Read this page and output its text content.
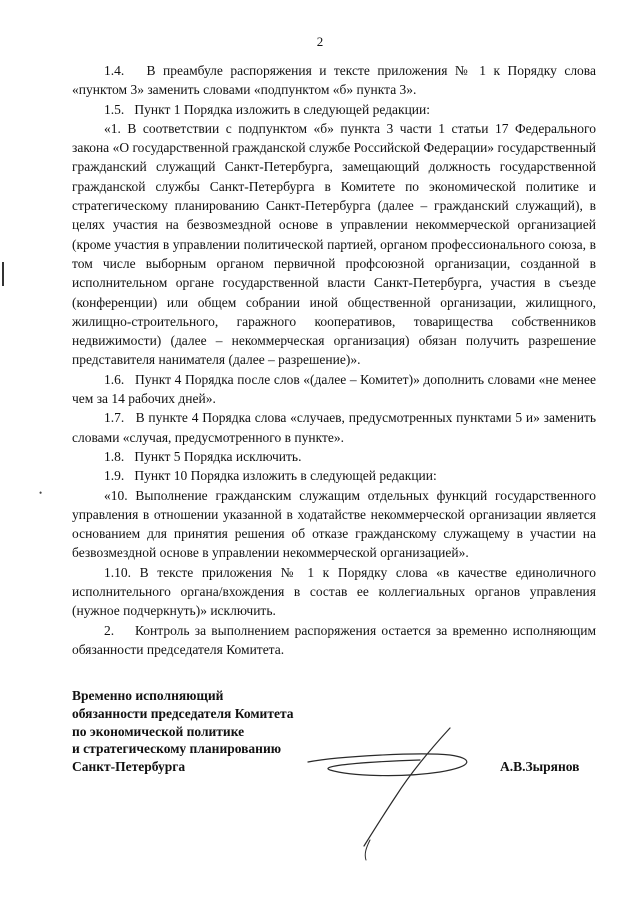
2

1.4.   В преамбуле распоряжения и тексте приложения № 1 к Порядку слова «пунктом 3» заменить словами «подпунктом «б» пункта 3».

1.5.   Пункт 1 Порядка изложить в следующей редакции:

«1. В соответствии с подпунктом «б» пункта 3 части 1 статьи 17 Федерального закона «О государственной гражданской службе Российской Федерации» государственный гражданский служащий Санкт-Петербурга, замещающий должность государственной гражданской службы Санкт-Петербурга в Комитете по экономической политике и стратегическому планированию Санкт-Петербурга (далее – гражданский служащий), в целях участия на безвозмездной основе в управлении некоммерческой организацией (кроме участия в управлении политической партией, органом профессионального союза, в том числе выборным органом первичной профсоюзной организации, созданной в исполнительном органе государственной власти Санкт-Петербурга, участия в съезде (конференции) или общем собрании иной общественной организации, жилищного, жилищно-строительного, гаражного кооперативов, товарищества собственников недвижимости) (далее – некоммерческая организация) обязан получить разрешение представителя нанимателя (далее – разрешение)».

1.6.   Пункт 4 Порядка после слов «(далее – Комитет)» дополнить словами «не менее чем за 14 рабочих дней».

1.7.   В пункте 4 Порядка слова «случаев, предусмотренных пунктами 5 и» заменить словами «случая, предусмотренного в пункте».

1.8.   Пункт 5 Порядка исключить.

1.9.   Пункт 10 Порядка изложить в следующей редакции:

«10. Выполнение гражданским служащим отдельных функций государственного управления в отношении указанной в ходатайстве некоммерческой организации является основанием для принятия решения об отказе гражданскому служащему в участии на безвозмездной основе в управлении некоммерческой организацией».

1.10. В тексте приложения № 1 к Порядку слова «в качестве единоличного исполнительного органа/вхождения в состав ее коллегиальных органов управления (нужное подчеркнуть)» исключить.

2.    Контроль за выполнением распоряжения остается за временно исполняющим обязанности председателя Комитета.

Временно исполняющий
обязанности председателя Комитета
по экономической политике
и стратегическому планированию
Санкт-Петербурга	А.В.Зырянов
•
